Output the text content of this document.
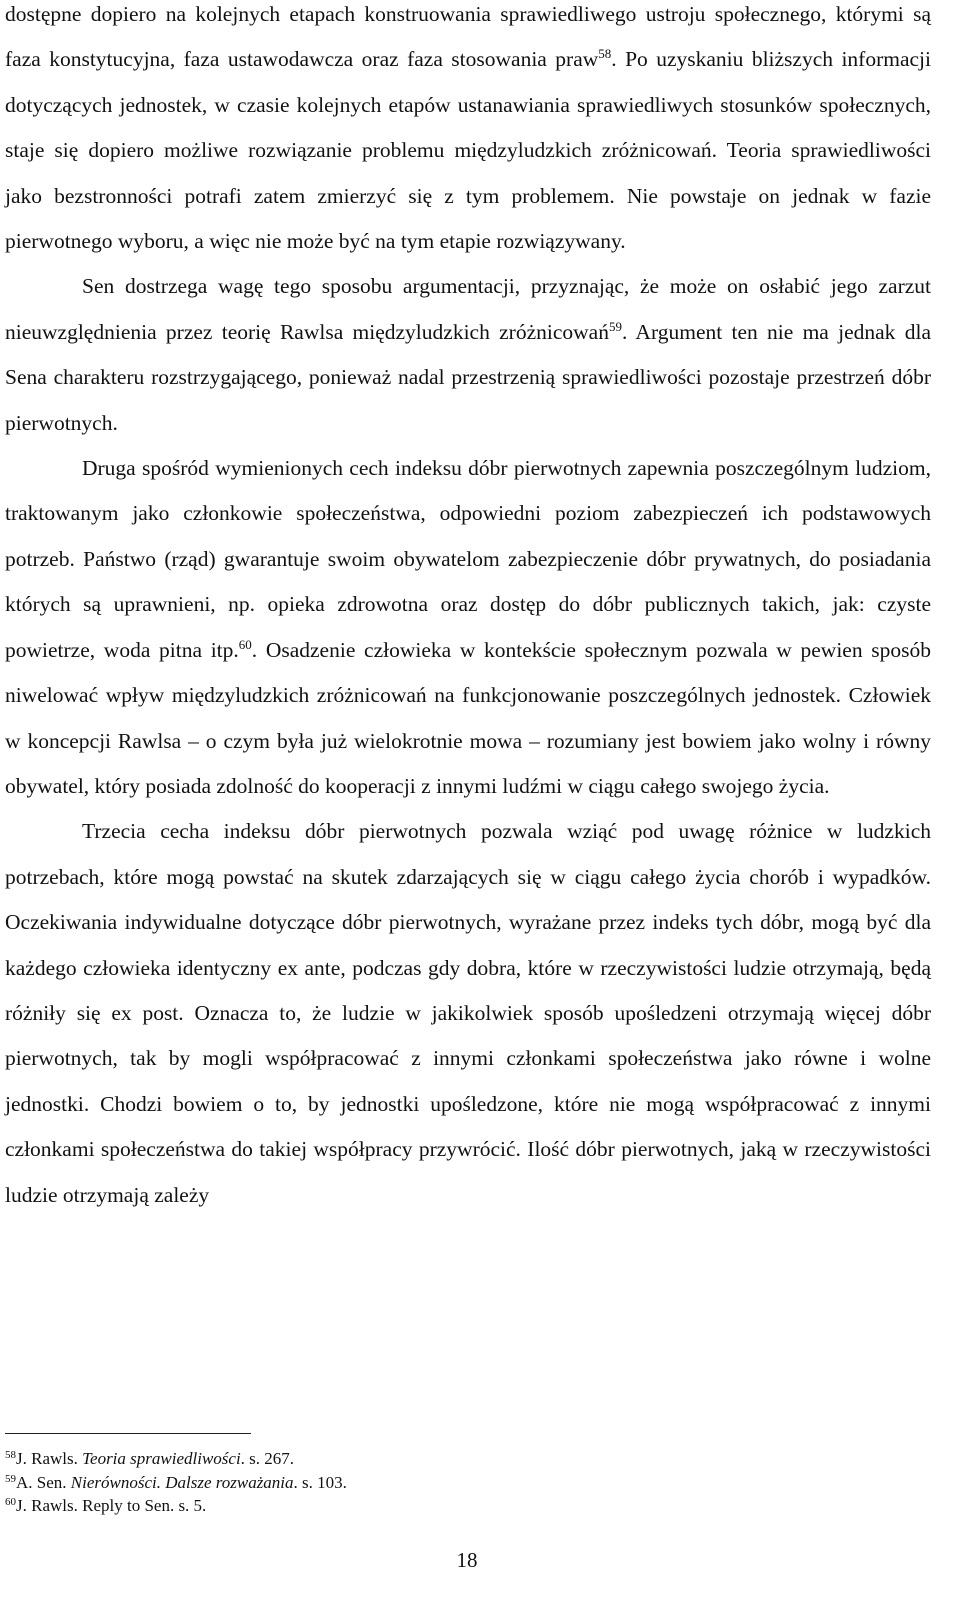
dostępne dopiero na kolejnych etapach konstruowania sprawiedliwego ustroju społecznego, którymi są faza konstytucyjna, faza ustawodawcza oraz faza stosowania praw$^{58}$. Po uzyskaniu bliższych informacji dotyczących jednostek, w czasie kolejnych etapów ustanawiania sprawiedliwych stosunków społecznych, staje się dopiero możliwe rozwiązanie problemu międzyludzkich zróżnicowań. Teoria sprawiedliwości jako bezstronności potrafi zatem zmierzyć się z tym problemem. Nie powstaje on jednak w fazie pierwotnego wyboru, a więc nie może być na tym etapie rozwiązywany.

Sen dostrzega wagę tego sposobu argumentacji, przyznając, że może on osłabić jego zarzut nieuwzględnienia przez teorię Rawlsa międzyludzkich zróżnicowań$^{59}$. Argument ten nie ma jednak dla Sena charakteru rozstrzygającego, ponieważ nadal przestrzenią sprawiedliwości pozostaje przestrzeń dóbr pierwotnych.

Druga spośród wymienionych cech indeksu dóbr pierwotnych zapewnia poszczególnym ludziom, traktowanym jako członkowie społeczeństwa, odpowiedni poziom zabezpieczeń ich podstawowych potrzeb. Państwo (rząd) gwarantuje swoim obywatelom zabezpieczenie dóbr prywatnych, do posiadania których są uprawnieni, np. opieka zdrowotna oraz dostęp do dóbr publicznych takich, jak: czyste powietrze, woda pitna itp.$^{60}$. Osadzenie człowieka w kontekście społecznym pozwala w pewien sposób niwelować wpływ międzyludzkich zróżnicowań na funkcjonowanie poszczególnych jednostek. Człowiek w koncepcji Rawlsa – o czym była już wielokrotnie mowa – rozumiany jest bowiem jako wolny i równy obywatel, który posiada zdolność do kooperacji z innymi ludźmi w ciągu całego swojego życia.

Trzecia cecha indeksu dóbr pierwotnych pozwala wziąć pod uwagę różnice w ludzkich potrzebach, które mogą powstać na skutek zdarzających się w ciągu całego życia chorób i wypadków. Oczekiwania indywidualne dotyczące dóbr pierwotnych, wyrażane przez indeks tych dóbr, mogą być dla każdego człowieka identyczny ex ante, podczas gdy dobra, które w rzeczywistości ludzie otrzymają, będą różniły się ex post. Oznacza to, że ludzie w jakikolwiek sposób upośledzeni otrzymają więcej dóbr pierwotnych, tak by mogli współpracować z innymi członkami społeczeństwa jako równe i wolne jednostki. Chodzi bowiem o to, by jednostki upośledzone, które nie mogą współpracować z innymi członkami społeczeństwa do takiej współpracy przywrócić. Ilość dóbr pierwotnych, jaką w rzeczywistości ludzie otrzymają zależy

$^{58}$J. Rawls. Teoria sprawiedliwości. s. 267.
$^{59}$A. Sen. Nierówności. Dalsze rozważania. s. 103.
$^{60}$J. Rawls. Reply to Sen. s. 5.
18
